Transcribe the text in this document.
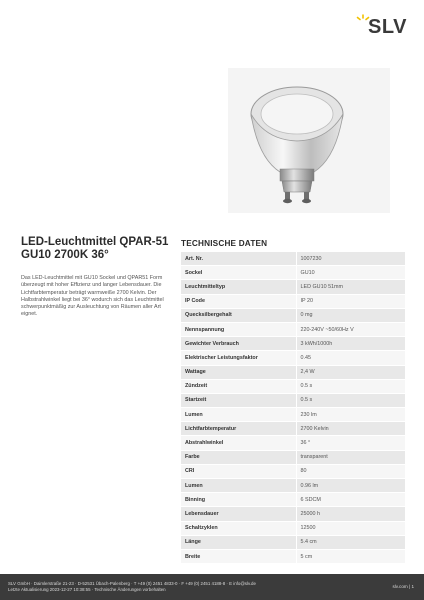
SLV
LED-Leuchtmittel QPAR-51 GU10 2700K 36°

Das LED-Leuchtmittel mit GU10 Sockel und QPAR51 Form überzeugt mit hoher Effizienz und langer Lebensdauer. Die Lichtfarbtemperatur beträgt warmweiße 2700 Kelvin. Der Halbstrahlwinkel liegt bei 36° wodurch sich das Leuchtmittel schwerpunktmäßig zur Ausleuchtung von Räumen aller Art eignet.

TECHNISCHE DATEN
Art. Nr.	1007230
Sockel	GU10
Leuchtmitteltyp	LED GU10 51mm
IP Code	IP 20
Quecksilbergehalt	0 mg
Nennspannung	220-240V ~50/60Hz V
Gewichter Verbrauch	3 kWh/1000h
Elektrischer Leistungsfaktor	0.45
Wattage	2,4 W
Zündzeit	0.5 s
Startzeit	0.5 s
Lumen	230 lm
Lichtfarbtemperatur	2700 Kelvin
Abstrahlwinkel	36 °
Farbe	transparent
CRI	80
Lumen	0.96 lm
Binning	6 SDCM
Lebensdauer	25000 h
Schaltzyklen	12500
Länge	5.4 cm
Breite	5 cm
SLV GmbH · Daimlerstraße 21-23 · D-52531 Übach-Palenberg · T +49 (0) 2451 4833-0 · F +49 (0) 2451 4188-8 · E info@slv.de
Letzte Aktualisierung 2023-12-27 10:38:55 · Technische Änderungen vorbehalten
slv.com | 1
